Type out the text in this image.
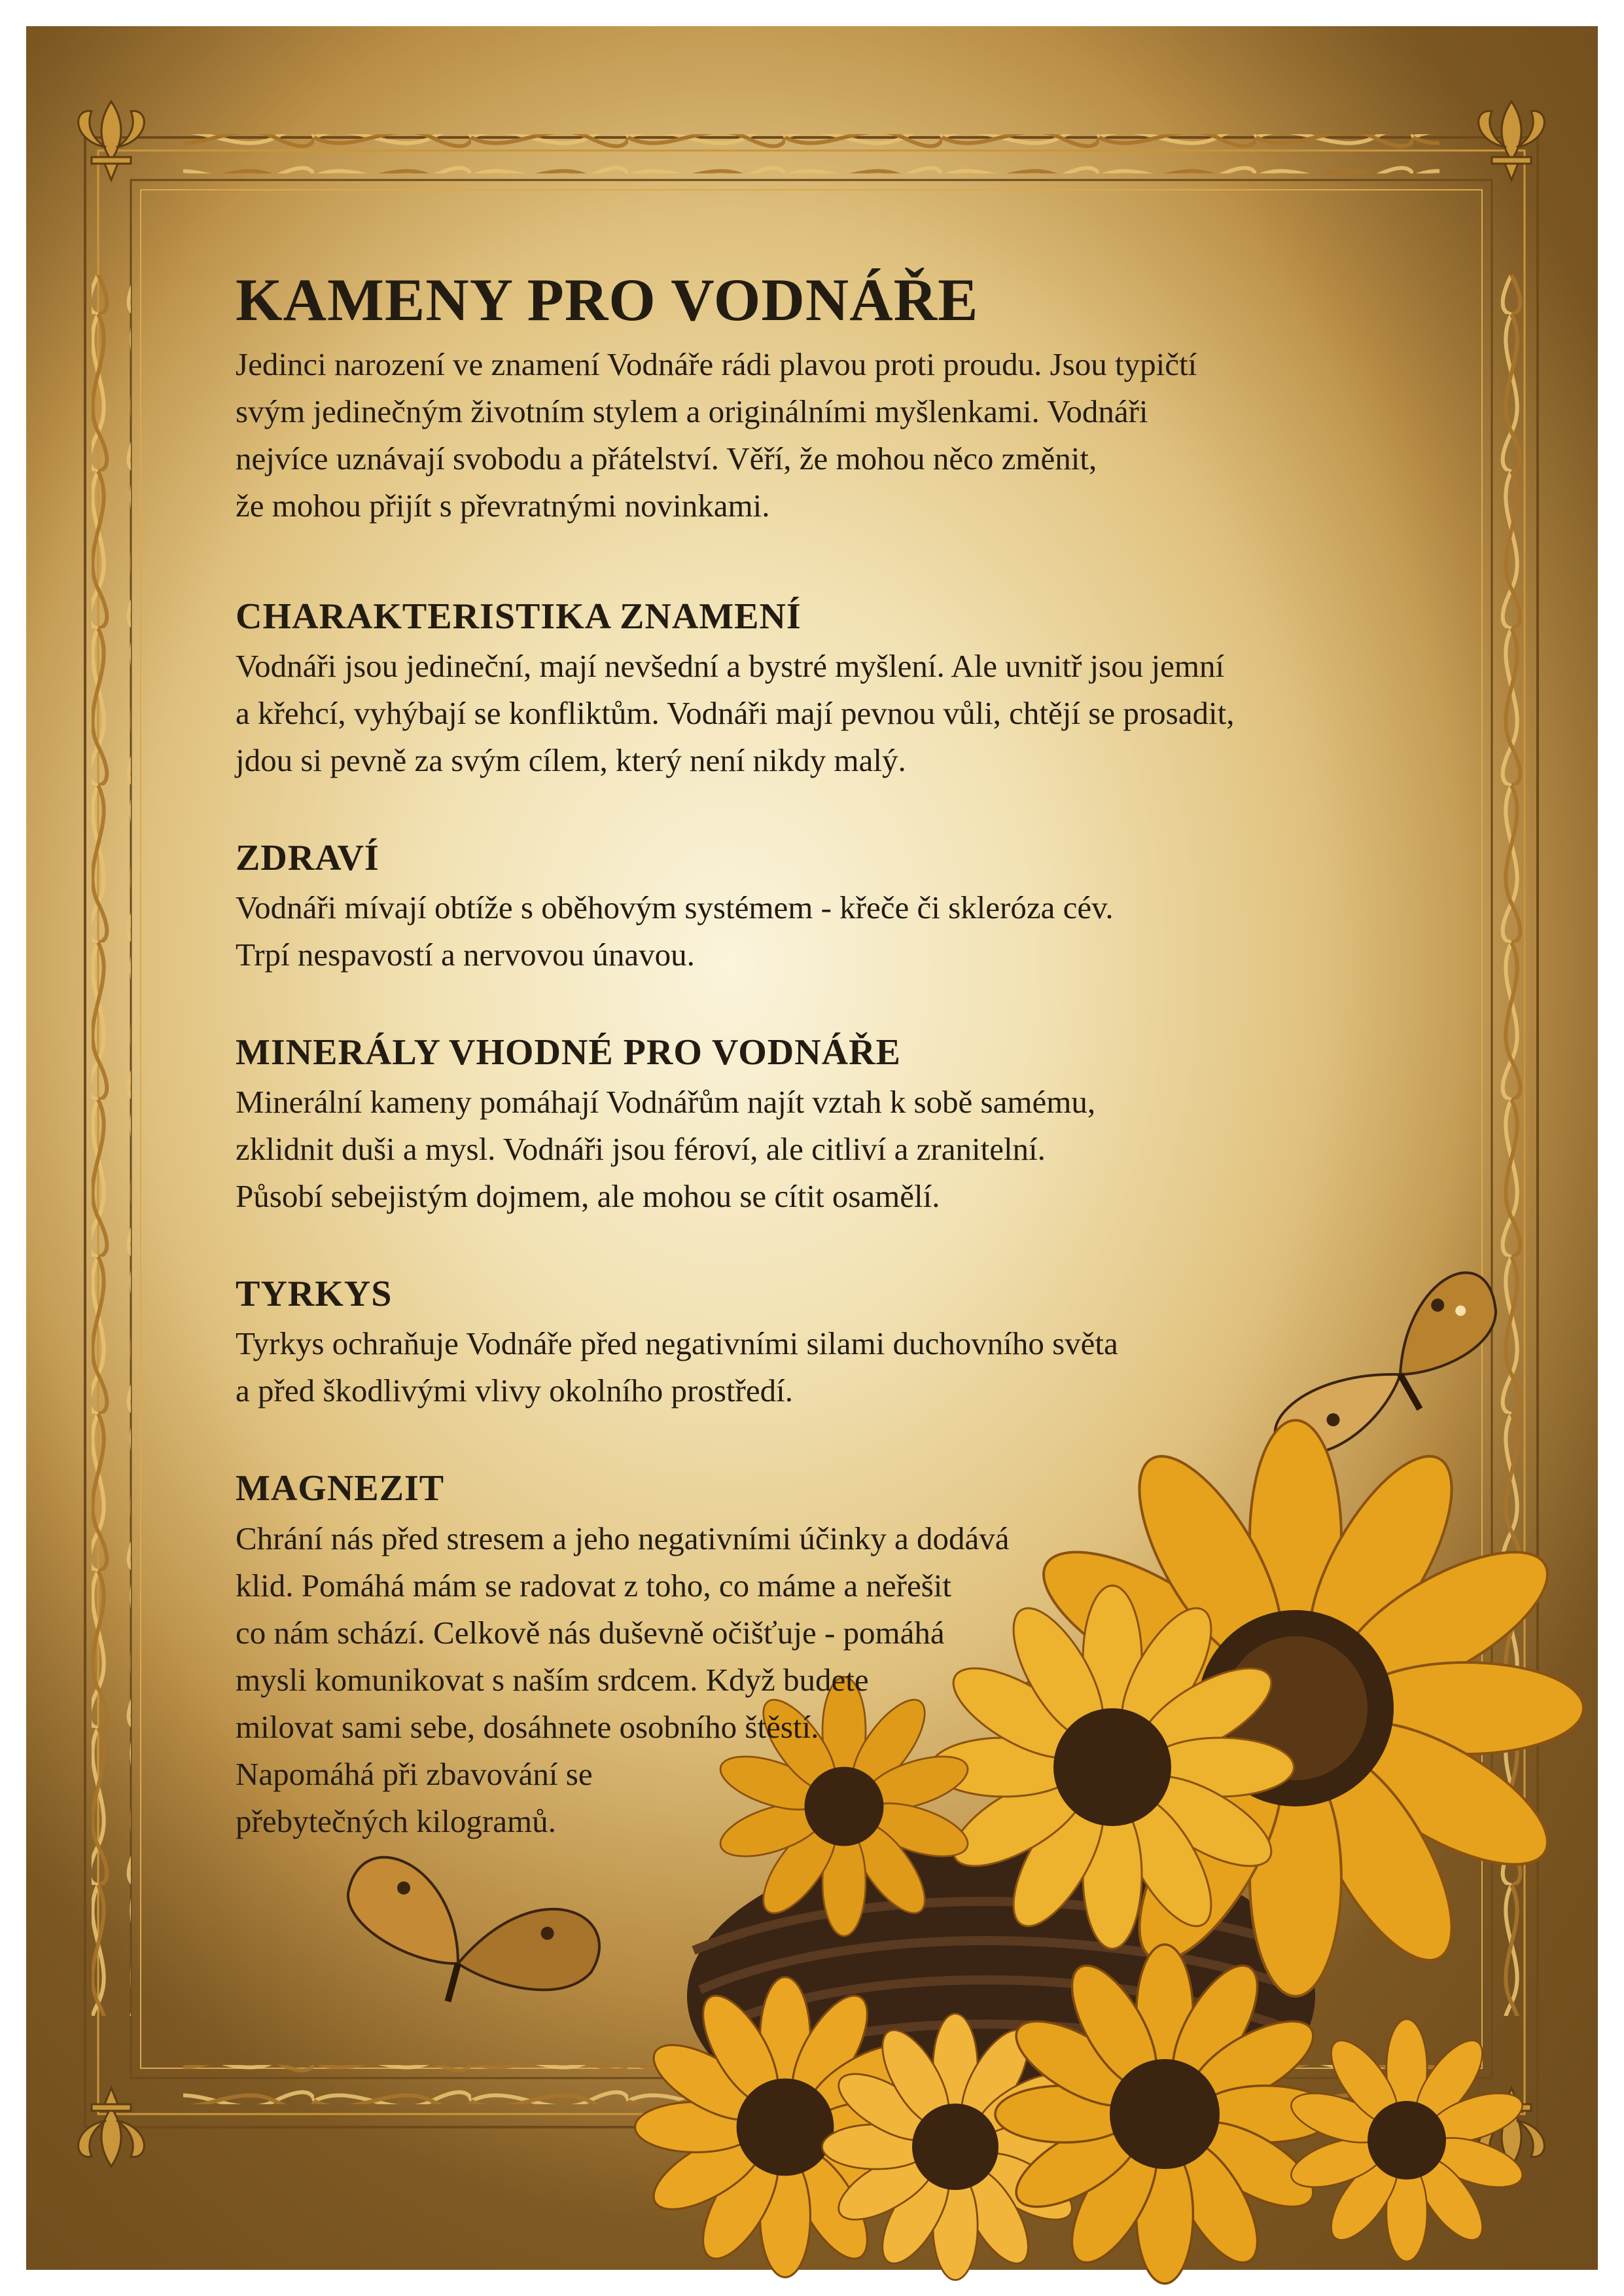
KAMENY PRO VODNÁŘE

Jedinci narození ve znamení Vodnáře rádi plavou proti proudu. Jsou typičtí
svým jedinečným životním stylem a originálními myšlenkami. Vodnáři
nejvíce uznávají svobodu a přátelství. Věří, že mohou něco změnit,
že mohou přijít s převratnými novinkami.

CHARAKTERISTIKA ZNAMENÍ

Vodnáři jsou jedineční, mají nevšední a bystré myšlení. Ale uvnitř jsou jemní
a křehcí, vyhýbají se konfliktům. Vodnáři mají pevnou vůli, chtějí se prosadit,
jdou si pevně za svým cílem, který není nikdy malý.

ZDRAVÍ

Vodnáři mívají obtíže s oběhovým systémem - křeče či skleróza cév.
Trpí nespavostí a nervovou únavou.

MINERÁLY VHODNÉ PRO VODNÁŘE

Minerální kameny pomáhají Vodnářům najít vztah k sobě samému,
zklidnit duši a mysl. Vodnáři jsou féroví, ale citliví a zranitelní.
Působí sebejistým dojmem, ale mohou se cítit osamělí.

TYRKYS

Tyrkys ochraňuje Vodnáře před negativními silami duchovního světa
a před škodlivými vlivy okolního prostředí.

MAGNEZIT

Chrání nás před stresem a jeho negativními účinky a dodává
klid. Pomáhá mám se radovat z toho, co máme a neřešit
co nám schází. Celkově nás duševně očišťuje - pomáhá
mysli komunikovat s naším srdcem. Když budete
milovat sami sebe, dosáhnete osobního štěstí.
Napomáhá při zbavování se
přebytečných kilogramů.
